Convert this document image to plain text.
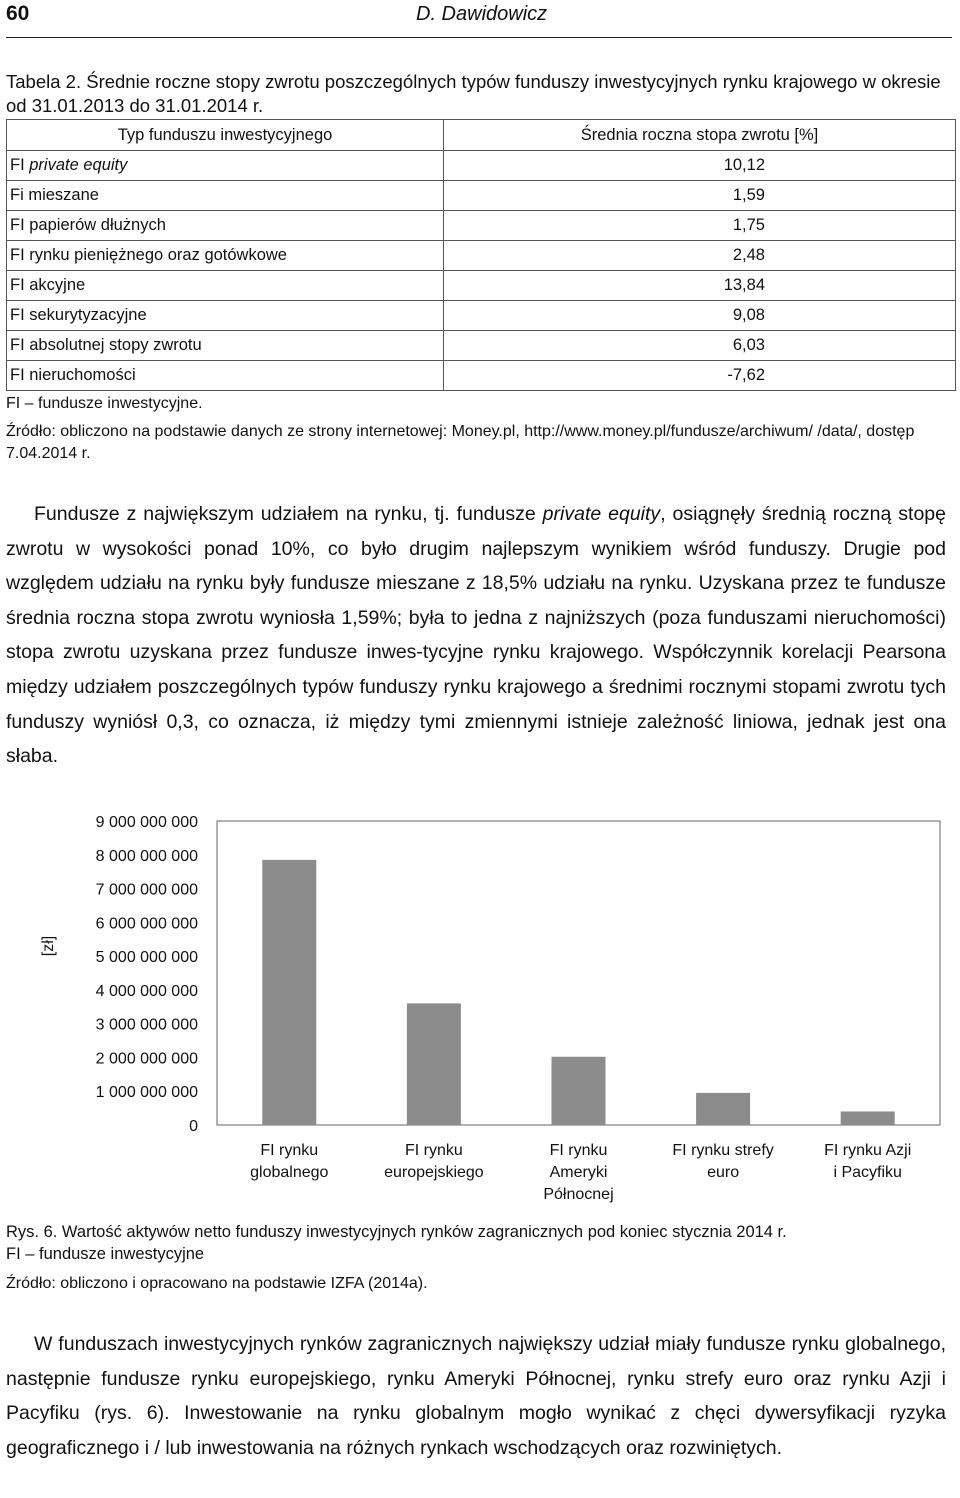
60	D. Dawidowicz
Tabela 2. Średnie roczne stopy zwrotu poszczególnych typów funduszy inwestycyjnych rynku krajowego w okresie od 31.01.2013 do 31.01.2014 r.
Typ funduszu inwestycyjnego	Średnia roczna stopa zwrotu [%]
FI private equity	10,12
Fi mieszane	1,59
FI papierów dłużnych	1,75
FI rynku pieniężnego oraz gotówkowe	2,48
FI akcyjne	13,84
FI sekurytyzacyjne	9,08
FI absolutnej stopy zwrotu	6,03
FI nieruchomości	-7,62
FI – fundusze inwestycyjne.
Źródło: obliczono na podstawie danych ze strony internetowej: Money.pl, http://www.money.pl/fundusze/archiwum/ /data/, dostęp 7.04.2014 r.

Fundusze z największym udziałem na rynku, tj. fundusze private equity, osiągnęły średnią roczną stopę zwrotu w wysokości ponad 10%, co było drugim najlepszym wynikiem wśród funduszy. Drugie pod względem udziału na rynku były fundusze mieszane z 18,5% udziału na rynku. Uzyskana przez te fundusze średnia roczna stopa zwrotu wyniosła 1,59%; była to jedna z najniższych (poza funduszami nieruchomości) stopa zwrotu uzyskana przez fundusze inwes-tycyjne rynku krajowego. Współczynnik korelacji Pearsona między udziałem poszczególnych typów funduszy rynku krajowego a średnimi rocznymi stopami zwrotu tych funduszy wyniósł 0,3, co oznacza, iż między tymi zmiennymi istnieje zależność liniowa, jednak jest ona słaba.

0
1 000 000 000
2 000 000 000
3 000 000 000
4 000 000 000
5 000 000 000
6 000 000 000
7 000 000 000
8 000 000 000
9 000 000 000
[zł]
FI rynku
globalnego
FI rynku
europejskiego
FI rynku
Ameryki
Północnej
FI rynku strefy
euro
FI rynku Azji
i Pacyfiku
Rys. 6. Wartość aktywów netto funduszy inwestycyjnych rynków zagranicznych pod koniec stycznia 2014 r.
FI – fundusze inwestycyjne
Źródło: obliczono i opracowano na podstawie IZFA (2014a).

W funduszach inwestycyjnych rynków zagranicznych największy udział miały fundusze rynku globalnego, następnie fundusze rynku europejskiego, rynku Ameryki Północnej, rynku strefy euro oraz rynku Azji i Pacyfiku (rys. 6). Inwestowanie na rynku globalnym mogło wynikać z chęci dywersyfikacji ryzyka geograficznego i / lub inwestowania na różnych rynkach wschodzących oraz rozwiniętych.
